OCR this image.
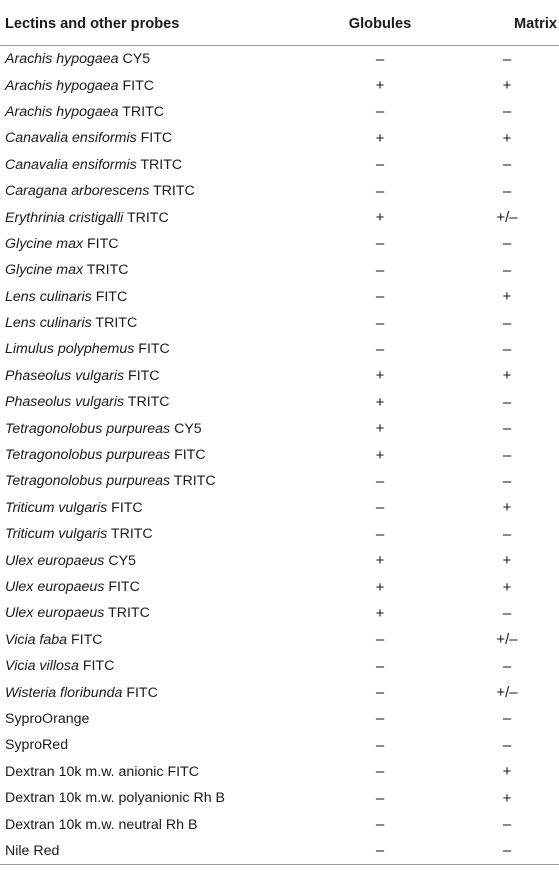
Lectins and other probes	Globules	Matrix
Arachis hypogaea CY5	–	–
Arachis hypogaea FITC	+	+
Arachis hypogaea TRITC	–	–
Canavalia ensiformis FITC	+	+
Canavalia ensiformis TRITC	–	–
Caragana arborescens TRITC	–	–
Erythrinia cristigalli TRITC	+	+/–
Glycine max FITC	–	–
Glycine max TRITC	–	–
Lens culinaris FITC	–	+
Lens culinaris TRITC	–	–
Limulus polyphemus FITC	–	–
Phaseolus vulgaris FITC	+	+
Phaseolus vulgaris TRITC	+	–
Tetragonolobus purpureas CY5	+	–
Tetragonolobus purpureas FITC	+	–
Tetragonolobus purpureas TRITC	–	–
Triticum vulgaris FITC	–	+
Triticum vulgaris TRITC	–	–
Ulex europaeus CY5	+	+
Ulex europaeus FITC	+	+
Ulex europaeus TRITC	+	–
Vicia faba FITC	–	+/–
Vicia villosa FITC	–	–
Wisteria floribunda FITC	–	+/–
SyproOrange	–	–
SyproRed	–	–
Dextran 10k m.w. anionic FITC	–	+
Dextran 10k m.w. polyanionic Rh B	–	+
Dextran 10k m.w. neutral Rh B	–	–
Nile Red	–	–
